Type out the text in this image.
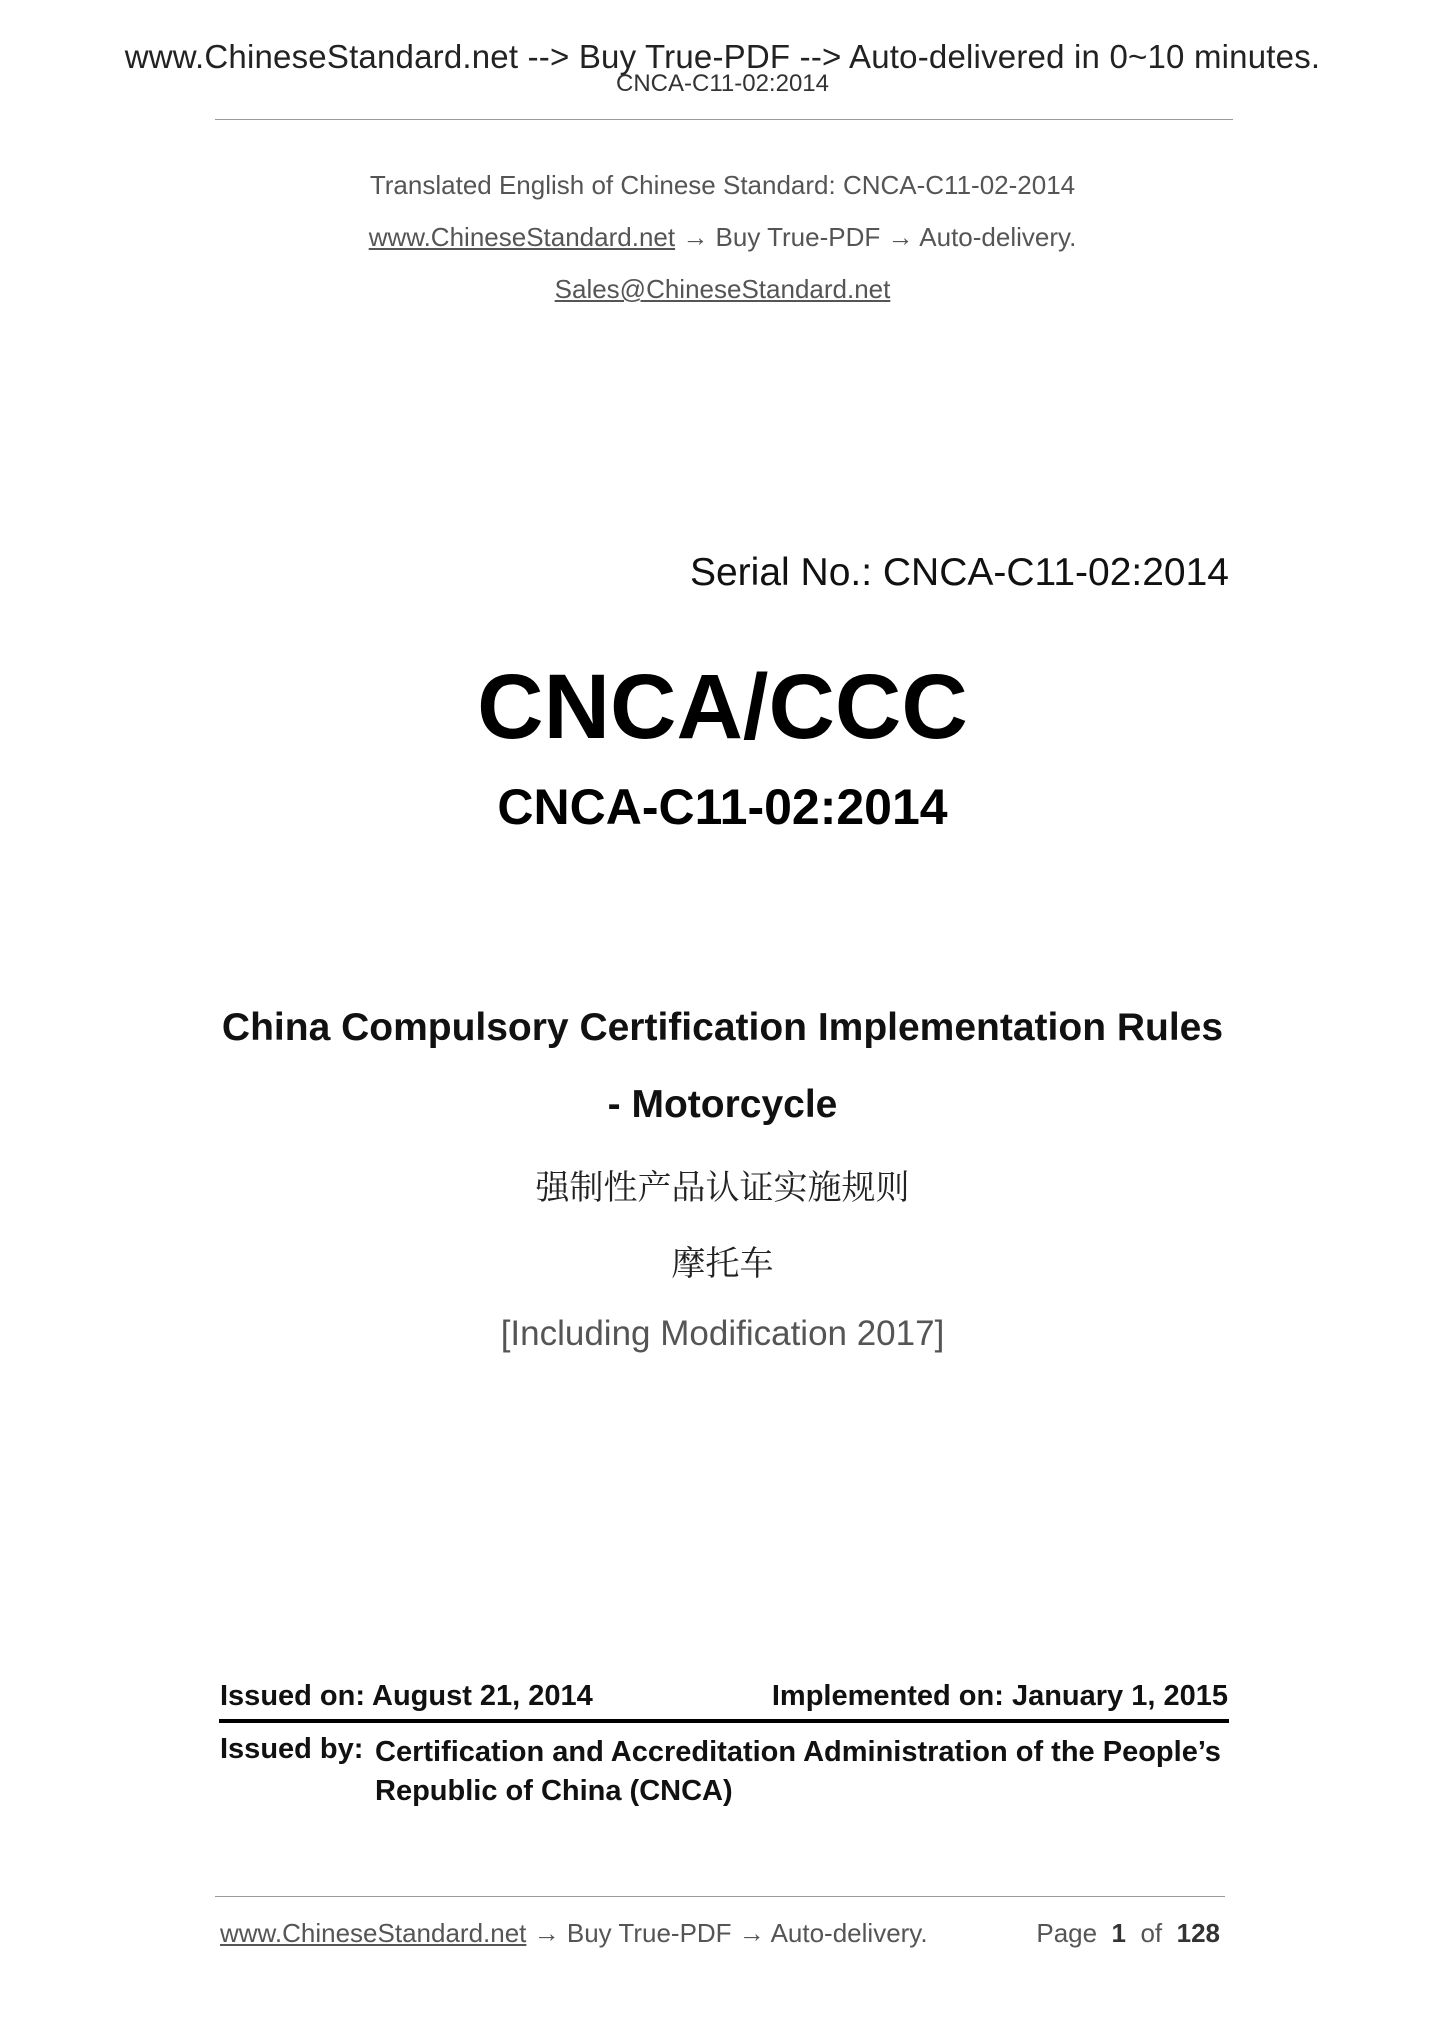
www.ChineseStandard.net --> Buy True-PDF --> Auto-delivered in 0~10 minutes.
CNCA-C11-02:2014
Translated English of Chinese Standard: CNCA-C11-02-2014
www.ChineseStandard.net → Buy True-PDF → Auto-delivery.
Sales@ChineseStandard.net
Serial No.: CNCA-C11-02:2014
CNCA/CCC
CNCA-C11-02:2014
China Compulsory Certification Implementation Rules
- Motorcycle
强制性产品认证实施规则
摩托车
[Including Modification 2017]
Issued on: August 21, 2014	Implemented on: January 1, 2015
Issued by: Certification and Accreditation Administration of the People’s Republic of China (CNCA)
www.ChineseStandard.net → Buy True-PDF → Auto-delivery.	Page 1 of 128
